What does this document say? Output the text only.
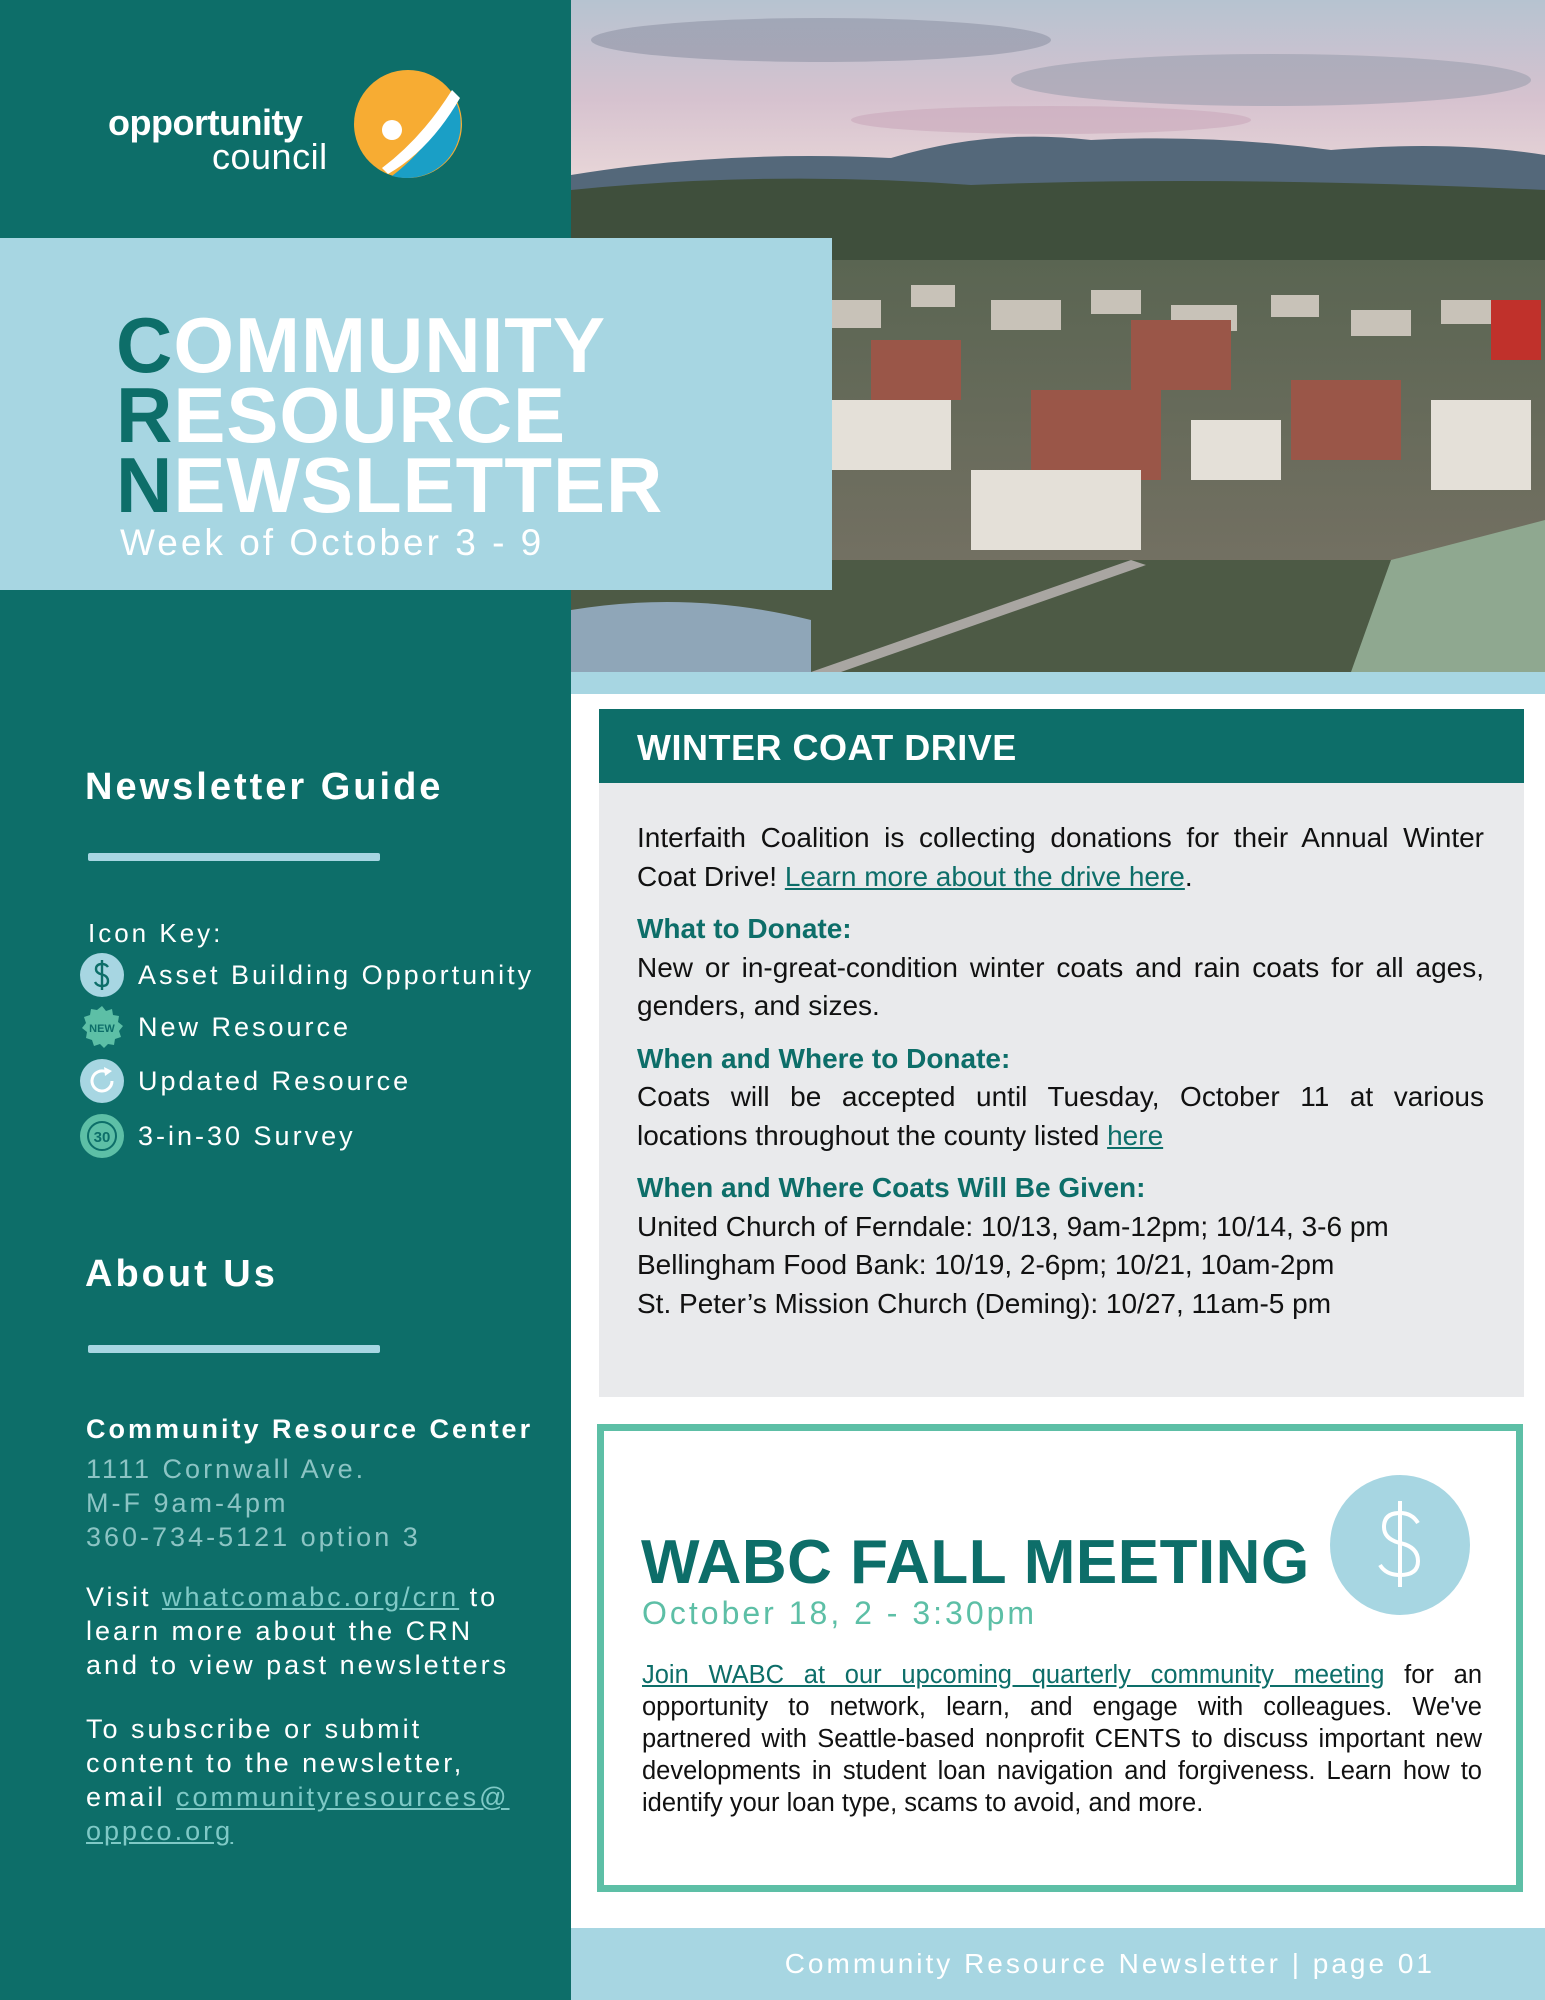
opportunity
council
Newsletter Guide
Icon Key:
Asset Building Opportunity
NEW New Resource
Updated Resource
30 3-in-30 Survey
About Us
Community Resource Center
1111 Cornwall Ave.
M-F 9am-4pm
360-734-5121 option 3
Visit whatcomabc.org/crn to learn more about the CRN and to view past newsletters
To subscribe or submit content to the newsletter, email communityresources@ oppco.org
COMMUNITY
RESOURCE
NEWSLETTER
Week of October 3 - 9
WINTER COAT DRIVE

Interfaith Coalition is collecting donations for their Annual Winter Coat Drive! Learn more about the drive here.

What to Donate:

New or in-great-condition winter coats and rain coats for all ages, genders, and sizes.

When and Where to Donate:

Coats will be accepted until Tuesday, October 11 at various locations throughout the county listed here

When and Where Coats Will Be Given:
United Church of Ferndale: 10/13, 9am-12pm; 10/14, 3-6 pm
Bellingham Food Bank: 10/19, 2-6pm; 10/21, 10am-2pm
St. Peter’s Mission Church (Deming): 10/27, 11am-5 pm
WABC FALL MEETING
October 18, 2 - 3:30pm
Join WABC at our upcoming quarterly community meeting for an opportunity to network, learn, and engage with colleagues. We've partnered with Seattle-based nonprofit CENTS to discuss important new developments in student loan navigation and forgiveness. Learn how to identify your loan type, scams to avoid, and more.
Community Resource Newsletter | page 01
